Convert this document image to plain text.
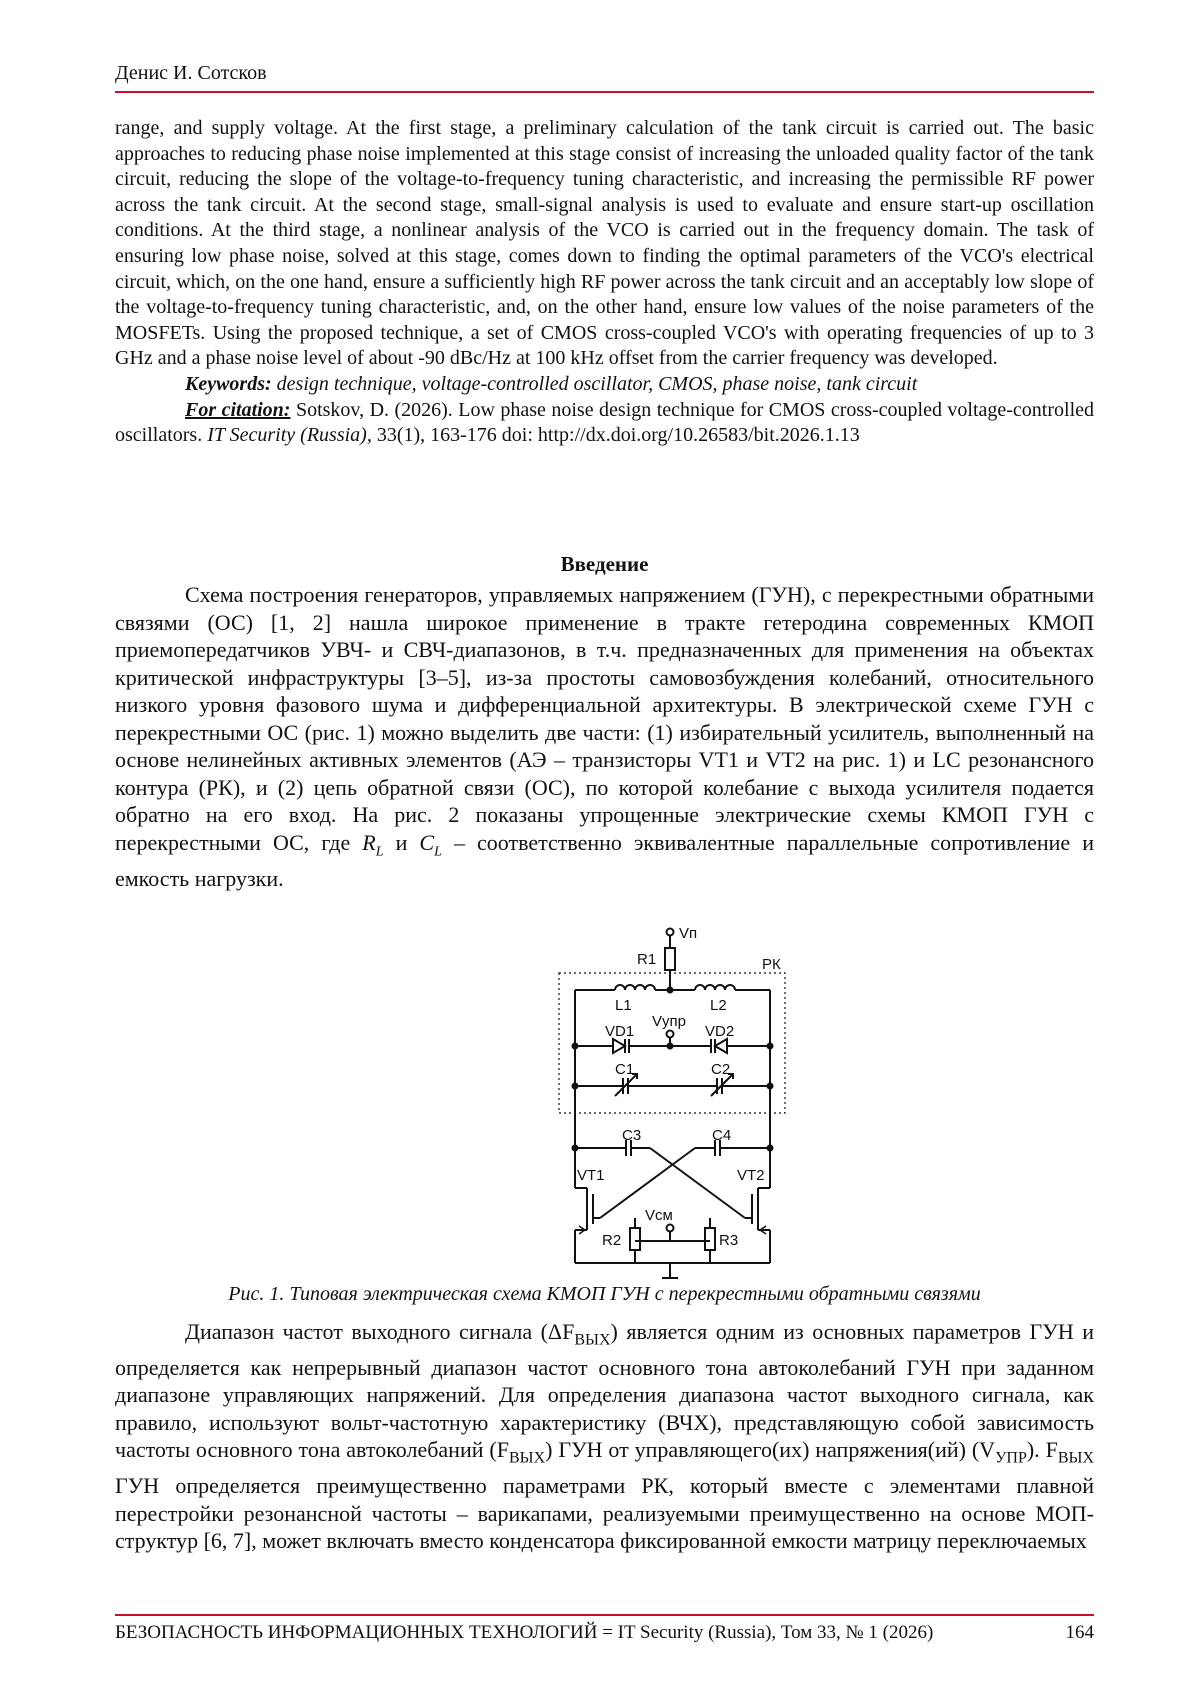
Денис И. Сотсков

range, and supply voltage. At the first stage, a preliminary calculation of the tank circuit is carried out. The basic approaches to reducing phase noise implemented at this stage consist of increasing the unloaded quality factor of the tank circuit, reducing the slope of the voltage-to-frequency tuning characteristic, and increasing the permissible RF power across the tank circuit. At the second stage, small-signal analysis is used to evaluate and ensure start-up oscillation conditions. At the third stage, a nonlinear analysis of the VCO is carried out in the frequency domain. The task of ensuring low phase noise, solved at this stage, comes down to finding the optimal parameters of the VCO's electrical circuit, which, on the one hand, ensure a sufficiently high RF power across the tank circuit and an acceptably low slope of the voltage-to-frequency tuning characteristic, and, on the other hand, ensure low values of the noise parameters of the MOSFETs. Using the proposed technique, a set of CMOS cross-coupled VCO's with operating frequencies of up to 3 GHz and a phase noise level of about -90 dBc/Hz at 100 kHz offset from the carrier frequency was developed.

Keywords: design technique, voltage-controlled oscillator, CMOS, phase noise, tank circuit

For citation: Sotskov, D. (2026). Low phase noise design technique for CMOS cross-coupled voltage-controlled oscillators. IT Security (Russia), 33(1), 163-176 doi: http://dx.doi.org/10.26583/bit.2026.1.13

Введение

Схема построения генераторов, управляемых напряжением (ГУН), с перекрестными обратными связями (ОС) [1, 2] нашла широкое применение в тракте гетеродина современных КМОП приемопередатчиков УВЧ- и СВЧ-диапазонов, в т.ч. предназначенных для применения на объектах критической инфраструктуры [3–5], из-за простоты самовозбуждения колебаний, относительного низкого уровня фазового шума и дифференциальной архитектуры. В электрической схеме ГУН с перекрестными ОС (рис. 1) можно выделить две части: (1) избирательный усилитель, выполненный на основе нелинейных активных элементов (АЭ – транзисторы VT1 и VT2 на рис. 1) и LC резонансного контура (РК), и (2) цепь обратной связи (ОС), по которой колебание с выхода усилителя подается обратно на его вход. На рис. 2 показаны упрощенные электрические схемы КМОП ГУН с перекрестными ОС, где $R_L$ и $C_L$ – соответственно эквивалентные параллельные сопротивление и емкость нагрузки.

Vп
R1	РК
L1	L2
Vупр
VD1	VD2
C1	C2
C3	C4
VT1	VT2
Vсм
R2	R3
Рис. 1. Типовая электрическая схема КМОП ГУН с перекрестными обратными связями

Диапазон частот выходного сигнала $(\Delta F_{ВЫХ})$ является одним из основных параметров ГУН и определяется как непрерывный диапазон частот основного тона автоколебаний ГУН при заданном диапазоне управляющих напряжений. Для определения диапазона частот выходного сигнала, как правило, используют вольт-частотную характеристику (ВЧХ), представляющую собой зависимость частоты основного тона автоколебаний $(F_{ВЫХ})$ ГУН от управляющего(их) напряжения(ий) $(V_{УПР})$. $F_{ВЫХ}$ ГУН определяется преимущественно параметрами РК, который вместе с элементами плавной перестройки резонансной частоты – варикапами, реализуемыми преимущественно на основе МОП-структур [6, 7], может включать вместо конденсатора фиксированной емкости матрицу переключаемых

БЕЗОПАСНОСТЬ ИНФОРМАЦИОННЫХ ТЕХНОЛОГИЙ = IT Security (Russia), Том 33, № 1 (2026)	164
